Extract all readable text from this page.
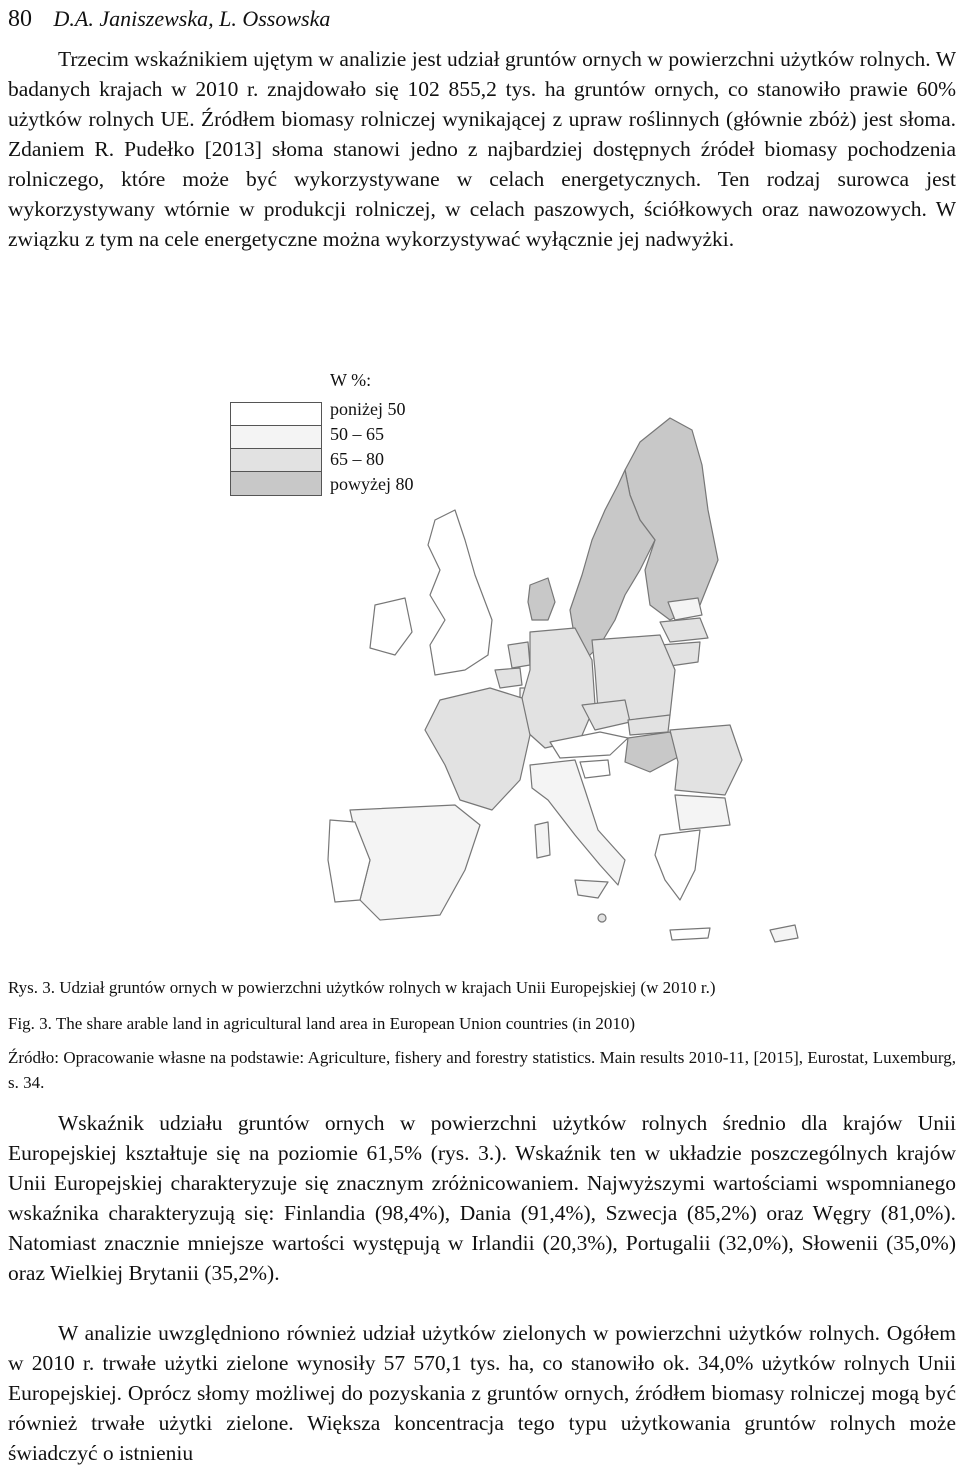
80 D.A. Janiszewska, L. Ossowska

Trzecim wskaźnikiem ujętym w analizie jest udział gruntów ornych w powierzchni użytków rolnych. W badanych krajach w 2010 r. znajdowało się 102 855,2 tys. ha gruntów ornych, co stanowiło prawie 60% użytków rolnych UE. Źródłem biomasy rolniczej wynikającej z upraw roślinnych (głównie zbóż) jest słoma. Zdaniem R. Pudełko [2013] słoma stanowi jedno z najbardziej dostępnych źródeł biomasy pochodzenia rolniczego, które może być wykorzystywane w celach energetycznych. Ten rodzaj surowca jest wykorzystywany wtórnie w produkcji rolniczej, w celach paszowych, ściółkowych oraz nawozowych. W związku z tym na cele energetyczne można wykorzystywać wyłącznie jej nadwyżki.

W %:
poniżej 50
50 – 65
65 – 80
powyżej 80

Rys. 3. Udział gruntów ornych w powierzchni użytków rolnych w krajach Unii Europejskiej (w 2010 r.)

Fig. 3. The share arable land in agricultural land area in European Union countries (in 2010)

Źródło: Opracowanie własne na podstawie: Agriculture, fishery and forestry statistics. Main results 2010-11, [2015], Eurostat, Luxemburg, s. 34.

Wskaźnik udziału gruntów ornych w powierzchni użytków rolnych średnio dla krajów Unii Europejskiej kształtuje się na poziomie 61,5% (rys. 3.). Wskaźnik ten w układzie poszczególnych krajów Unii Europejskiej charakteryzuje się znacznym zróżnicowaniem. Najwyższymi wartościami wspomnianego wskaźnika charakteryzują się: Finlandia (98,4%), Dania (91,4%), Szwecja (85,2%) oraz Węgry (81,0%). Natomiast znacznie mniejsze wartości występują w Irlandii (20,3%), Portugalii (32,0%), Słowenii (35,0%) oraz Wielkiej Brytanii (35,2%).

W analizie uwzględniono również udział użytków zielonych w powierzchni użytków rolnych. Ogółem w 2010 r. trwałe użytki zielone wynosiły 57 570,1 tys. ha, co stanowiło ok. 34,0% użytków rolnych Unii Europejskiej. Oprócz słomy możliwej do pozyskania z gruntów ornych, źródłem biomasy rolniczej mogą być również trwałe użytki zielone. Większa koncentracja tego typu użytkowania gruntów rolnych może świadczyć o istnieniu
